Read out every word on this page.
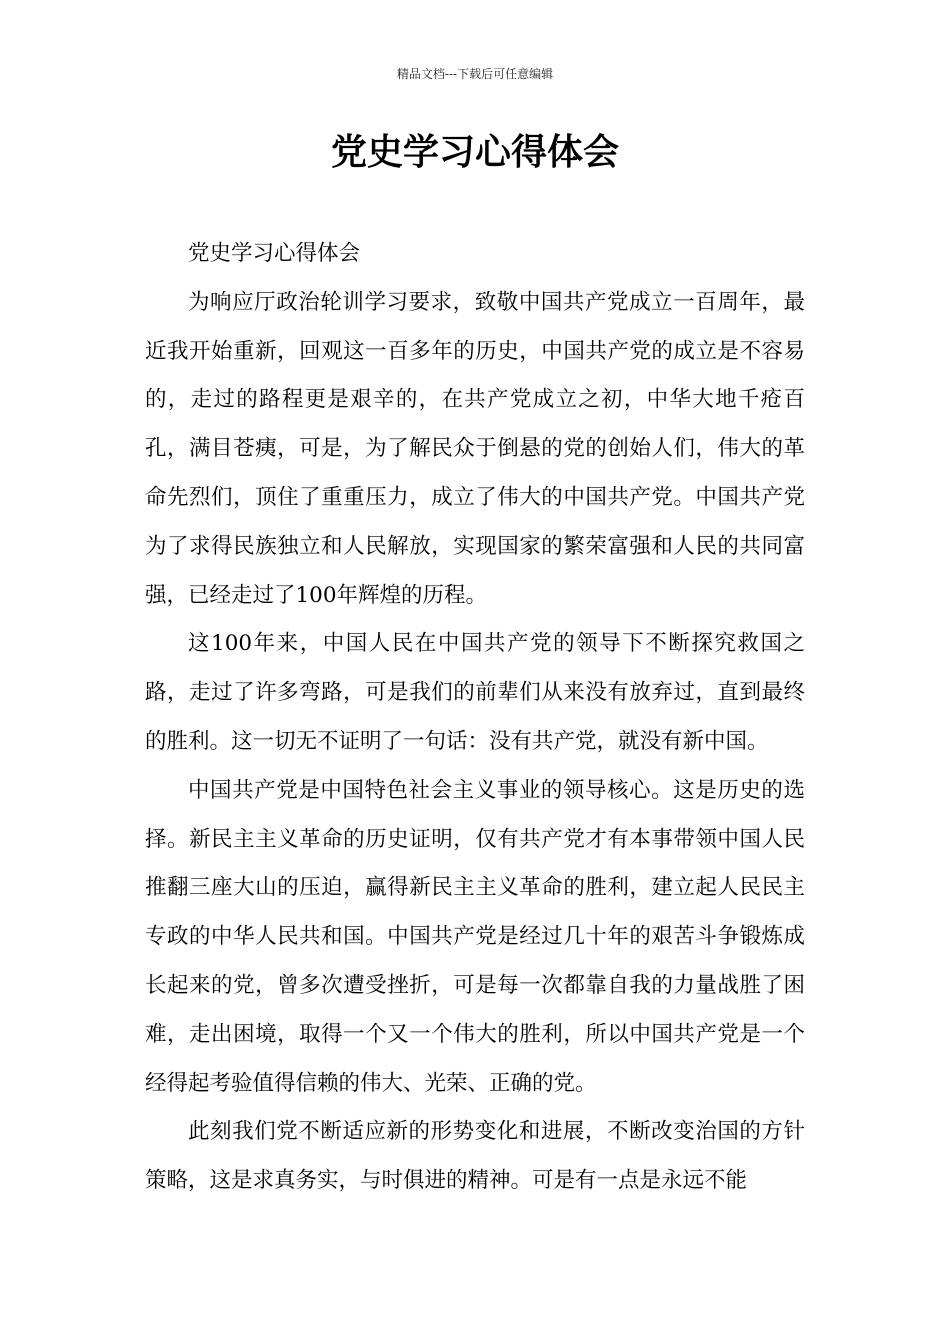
精品文档---下载后可任意编辑
党史学习心得体会

党史学习心得体会

为响应厅政治轮训学习要求，致敬中国共产党成立一百周年，最近我开始重新，回观这一百多年的历史，中国共产党的成立是不容易的，走过的路程更是艰辛的，在共产党成立之初，中华大地千疮百孔，满目苍痍，可是，为了解民众于倒悬的党的创始人们，伟大的革命先烈们，顶住了重重压力，成立了伟大的中国共产党。中国共产党为了求得民族独立和人民解放，实现国家的繁荣富强和人民的共同富强，已经走过了100年辉煌的历程。

这100年来，中国人民在中国共产党的领导下不断探究救国之路，走过了许多弯路，可是我们的前辈们从来没有放弃过，直到最终的胜利。这一切无不证明了一句话：没有共产党，就没有新中国。

中国共产党是中国特色社会主义事业的领导核心。这是历史的选择。新民主主义革命的历史证明，仅有共产党才有本事带领中国人民推翻三座大山的压迫，赢得新民主主义革命的胜利，建立起人民民主专政的中华人民共和国。中国共产党是经过几十年的艰苦斗争锻炼成长起来的党，曾多次遭受挫折，可是每一次都靠自我的力量战胜了困难，走出困境，取得一个又一个伟大的胜利，所以中国共产党是一个经得起考验值得信赖的伟大、光荣、正确的党。

此刻我们党不断适应新的形势变化和进展，不断改变治国的方针策略，这是求真务实，与时俱进的精神。可是有一点是永远不能
